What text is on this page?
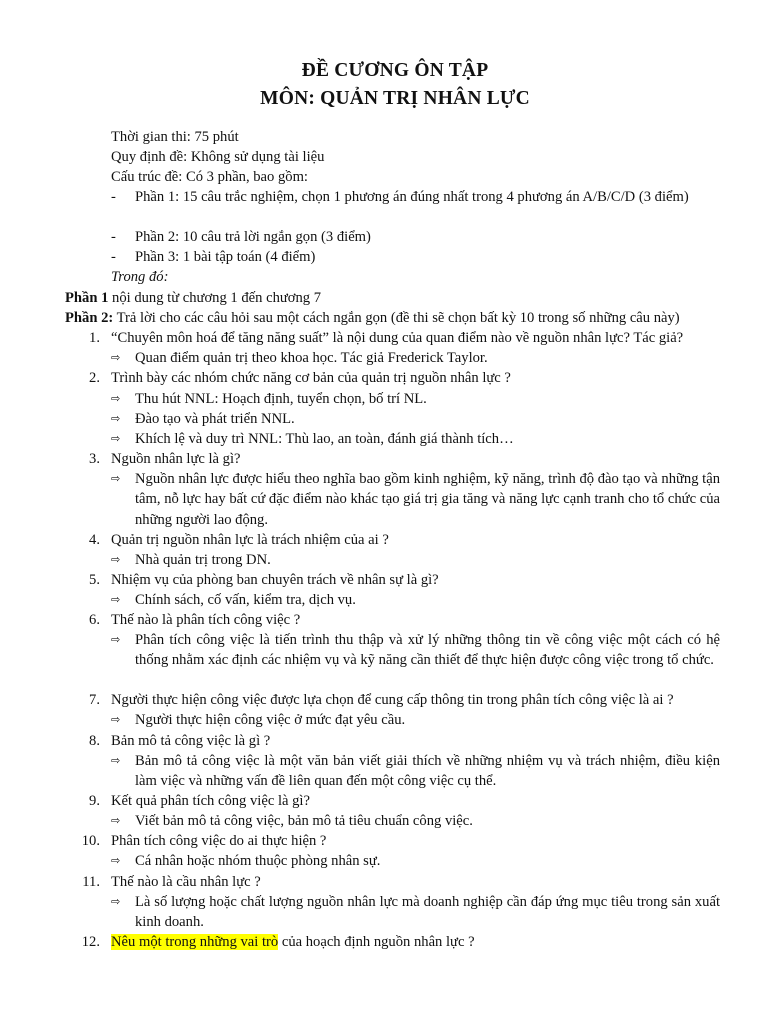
ĐỀ CƯƠNG ÔN TẬP
MÔN: QUẢN TRỊ NHÂN LỰC
Thời gian thi: 75 phút
Quy định đề: Không sử dụng tài liệu
Cấu trúc đề: Có 3 phần, bao gồm:
- Phần 1: 15 câu trắc nghiệm, chọn 1 phương án đúng nhất trong 4 phương án A/B/C/D (3 điểm)
- Phần 2: 10 câu trả lời ngắn gọn (3 điểm)
- Phần 3: 1 bài tập toán (4 điểm)
Trong đó:
Phần 1 nội dung từ chương 1 đến chương 7
Phần 2: Trả lời cho các câu hỏi sau một cách ngắn gọn (đề thi sẽ chọn bất kỳ 10 trong số những câu này)
1. “Chuyên môn hoá để tăng năng suất” là nội dung của quan điểm nào về nguồn nhân lực? Tác giả?
⇨	Quan điểm quản trị theo khoa học. Tác giả Frederick Taylor.
2. Trình bày các nhóm chức năng cơ bản của quản trị nguồn nhân lực ?
⇨	Thu hút NNL: Hoạch định, tuyển chọn, bố trí NL.
⇨	Đào tạo và phát triển NNL.
⇨	Khích lệ và duy trì NNL: Thù lao, an toàn, đánh giá thành tích…
3. Nguồn nhân lực là gì?
⇨	Nguồn nhân lực được hiểu theo nghĩa bao gồm kinh nghiệm, kỹ năng, trình độ đào tạo và những tận tâm, nỗ lực hay bất cứ đặc điểm nào khác tạo giá trị gia tăng và năng lực cạnh tranh cho tổ chức của những người lao động.
4. Quản trị nguồn nhân lực là trách nhiệm của ai ?
⇨	Nhà quản trị trong DN.
5. Nhiệm vụ của phòng ban chuyên trách về nhân sự là gì?
⇨	Chính sách, cố vấn, kiểm tra, dịch vụ.
6. Thế nào là phân tích công việc ?
⇨	Phân tích công việc là tiến trình thu thập và xử lý những thông tin về công việc một cách có hệ thống nhằm xác định các nhiệm vụ và kỹ năng cần thiết để thực hiện được công việc trong tổ chức.
7. Người thực hiện công việc được lựa chọn để cung cấp thông tin trong phân tích công việc là ai ?
⇨	Người thực hiện công việc ở mức đạt yêu cầu.
8. Bản mô tả công việc là gì ?
⇨	Bản mô tả công việc là một văn bản viết giải thích về những nhiệm vụ và trách nhiệm, điều kiện làm việc và những vấn đề liên quan đến một công việc cụ thể.
9. Kết quả phân tích công việc là gì?
⇨	Viết bản mô tả công việc, bản mô tả tiêu chuẩn công việc.
10. Phân tích công việc do ai thực hiện ?
⇨	Cá nhân hoặc nhóm thuộc phòng nhân sự.
11. Thế nào là cầu nhân lực ?
⇨	Là số lượng hoặc chất lượng nguồn nhân lực mà doanh nghiệp cần đáp ứng mục tiêu trong sản xuất kinh doanh.
12. Nêu một trong những vai trò của hoạch định nguồn nhân lực ?
